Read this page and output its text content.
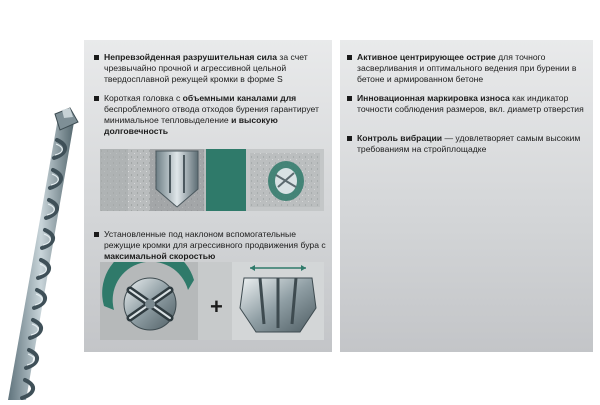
Непревзойденная разрушительная сила за счет чрезвычайно прочной и агрессивной цельной твердосплавной режущей кромки в форме S
Короткая головка с объемными каналами для беспроблемного отвода отходов бурения гарантирует минимальное тепловыделение и высокую долговечность
Установленные под наклоном вспомогательные режущие кромки для агрессивного продвижения бура с максимальной скоростью
+
Активное центрирующее острие для точного засверливания и оптимального ведения при бурении в бетоне и армированном бетоне
Инновационная маркировка износа как индикатор точности соблюдения размеров, вкл. диаметр отверстия
Контроль вибрации — удовлетворяет самым высоким требованиям на стройплощадке
